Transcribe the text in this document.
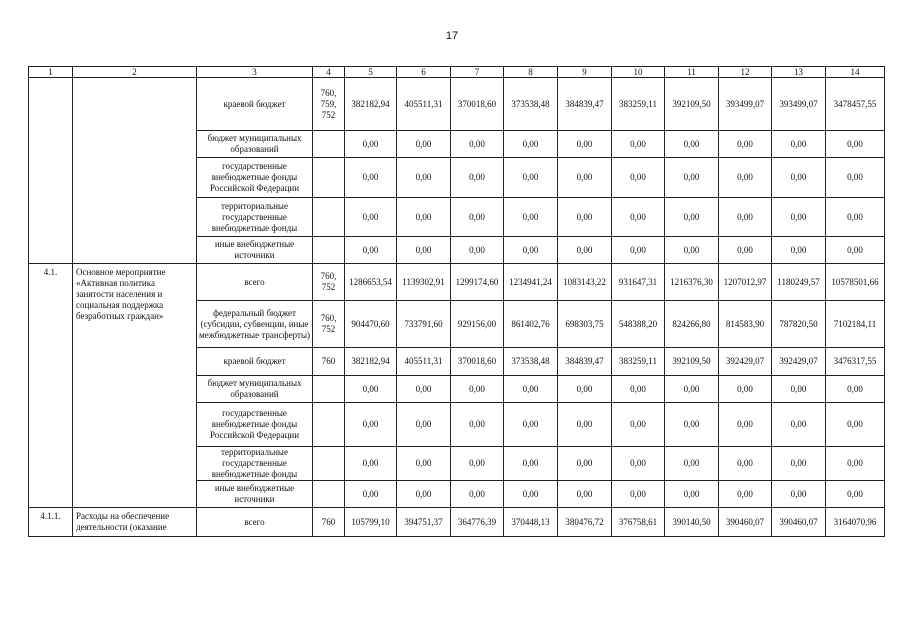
17
1	2	3	4	5	6	7	8	9	10	11	12	13	14
		краевой бюджет	760, 759, 752	382182,94	405511,31	370018,60	373538,48	384839,47	383259,11	392109,50	393499,07	393499,07	3478457,55
		бюджет муниципальных образований		0,00	0,00	0,00	0,00	0,00	0,00	0,00	0,00	0,00	0,00
		государственные внебюджетные фонды Российской Федерации		0,00	0,00	0,00	0,00	0,00	0,00	0,00	0,00	0,00	0,00
		территориальные государственные внебюджетные фонды		0,00	0,00	0,00	0,00	0,00	0,00	0,00	0,00	0,00	0,00
		иные внебюджетные источники		0,00	0,00	0,00	0,00	0,00	0,00	0,00	0,00	0,00	0,00
4.1.	Основное мероприятие «Активная политика занятости населения и социальная поддержка безработных граждан»	всего	760, 752	1286653,54	1139302,91	1299174,60	1234941,24	1083143,22	931647,31	1216376,30	1207012,97	1180249,57	10578501,66
		федеральный бюджет (субсидии, субвенции, иные межбюджетные трансферты)	760, 752	904470,60	733791,60	929156,00	861402,76	698303,75	548388,20	824266,80	814583,90	787820,50	7102184,11
		краевой бюджет	760	382182,94	405511,31	370018,60	373538,48	384839,47	383259,11	392109,50	392429,07	392429,07	3476317,55
		бюджет муниципальных образований		0,00	0,00	0,00	0,00	0,00	0,00	0,00	0,00	0,00	0,00
		государственные внебюджетные фонды Российской Федерации		0,00	0,00	0,00	0,00	0,00	0,00	0,00	0,00	0,00	0,00
		территориальные государственные внебюджетные фонды		0,00	0,00	0,00	0,00	0,00	0,00	0,00	0,00	0,00	0,00
		иные внебюджетные источники		0,00	0,00	0,00	0,00	0,00	0,00	0,00	0,00	0,00	0,00
4.1.1.	Расходы на обеспечение деятельности (оказание	всего	760	105799,10	394751,37	364776,39	370448,13	380476,72	376758,61	390140,50	390460,07	390460,07	3164070,96
